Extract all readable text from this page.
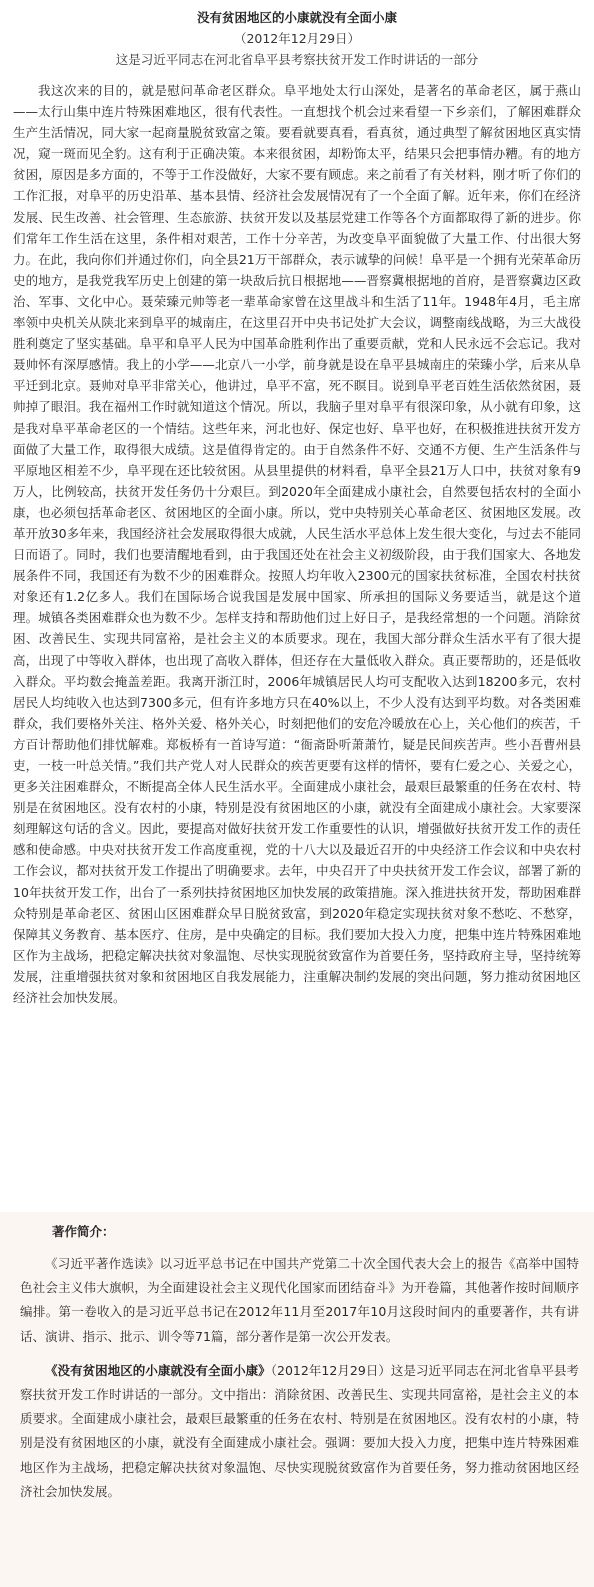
没有贫困地区的小康就没有全面小康

（2012年12月29日）

这是习近平同志在河北省阜平县考察扶贫开发工作时讲话的一部分

我这次来的目的，就是慰问革命老区群众。阜平地处太行山深处，是著名的革命老区，属于燕山——太行山集中连片特殊困难地区，很有代表性。一直想找个机会过来看望一下乡亲们，了解困难群众生产生活情况，同大家一起商量脱贫致富之策。要看就要真看，看真贫，通过典型了解贫困地区真实情况，窥一斑而见全豹。这有利于正确决策。本来很贫困，却粉饰太平，结果只会把事情办糟。有的地方贫困，原因是多方面的，不等于工作没做好，大家不要有顾虑。来之前看了有关材料，刚才听了你们的工作汇报，对阜平的历史沿革、基本县情、经济社会发展情况有了一个全面了解。近年来，你们在经济发展、民生改善、社会管理、生态旅游、扶贫开发以及基层党建工作等各个方面都取得了新的进步。你们常年工作生活在这里，条件相对艰苦，工作十分辛苦，为改变阜平面貌做了大量工作、付出很大努力。在此，我向你们并通过你们，向全县21万干部群众，表示诚挚的问候！阜平是一个拥有光荣革命历史的地方，是我党我军历史上创建的第一块敌后抗日根据地——晋察冀根据地的首府，是晋察冀边区政治、军事、文化中心。聂荣臻元帅等老一辈革命家曾在这里战斗和生活了11年。1948年4月，毛主席率领中央机关从陕北来到阜平的城南庄，在这里召开中央书记处扩大会议，调整南线战略，为三大战役胜利奠定了坚实基础。阜平和阜平人民为中国革命胜利作出了重要贡献，党和人民永远不会忘记。我对聂帅怀有深厚感情。我上的小学——北京八一小学，前身就是设在阜平县城南庄的荣臻小学，后来从阜平迁到北京。聂帅对阜平非常关心，他讲过，阜平不富，死不瞑目。说到阜平老百姓生活依然贫困，聂帅掉了眼泪。我在福州工作时就知道这个情况。所以，我脑子里对阜平有很深印象，从小就有印象，这是我对阜平革命老区的一个情结。这些年来，河北也好、保定也好、阜平也好，在积极推进扶贫开发方面做了大量工作，取得很大成绩。这是值得肯定的。由于自然条件不好、交通不方便、生产生活条件与平原地区相差不少，阜平现在还比较贫困。从县里提供的材料看，阜平全县21万人口中，扶贫对象有9万人，比例较高，扶贫开发任务仍十分艰巨。到2020年全面建成小康社会，自然要包括农村的全面小康，也必须包括革命老区、贫困地区的全面小康。所以，党中央特别关心革命老区、贫困地区发展。改革开放30多年来，我国经济社会发展取得很大成就，人民生活水平总体上发生很大变化，与过去不能同日而语了。同时，我们也要清醒地看到，由于我国还处在社会主义初级阶段，由于我们国家大、各地发展条件不同，我国还有为数不少的困难群众。按照人均年收入2300元的国家扶贫标准，全国农村扶贫对象还有1.2亿多人。我们在国际场合说我国是发展中国家、所承担的国际义务要适当，就是这个道理。城镇各类困难群众也为数不少。怎样支持和帮助他们过上好日子，是我经常想的一个问题。消除贫困、改善民生、实现共同富裕，是社会主义的本质要求。现在，我国大部分群众生活水平有了很大提高，出现了中等收入群体，也出现了高收入群体，但还存在大量低收入群众。真正要帮助的，还是低收入群众。平均数会掩盖差距。我离开浙江时，2006年城镇居民人均可支配收入达到18200多元，农村居民人均纯收入也达到7300多元，但有许多地方只在40%以上，不少人没有达到平均数。对各类困难群众，我们要格外关注、格外关爱、格外关心，时刻把他们的安危冷暖放在心上，关心他们的疾苦，千方百计帮助他们排忧解难。郑板桥有一首诗写道：“衙斋卧听萧萧竹，疑是民间疾苦声。些小吾曹州县吏，一枝一叶总关情。”我们共产党人对人民群众的疾苦更要有这样的情怀，要有仁爱之心、关爱之心，更多关注困难群众，不断提高全体人民生活水平。全面建成小康社会，最艰巨最繁重的任务在农村、特别是在贫困地区。没有农村的小康，特别是没有贫困地区的小康，就没有全面建成小康社会。大家要深刻理解这句话的含义。因此，要提高对做好扶贫开发工作重要性的认识，增强做好扶贫开发工作的责任感和使命感。中央对扶贫开发工作高度重视，党的十八大以及最近召开的中央经济工作会议和中央农村工作会议，都对扶贫开发工作提出了明确要求。去年，中央召开了中央扶贫开发工作会议，部署了新的10年扶贫开发工作，出台了一系列扶持贫困地区加快发展的政策措施。深入推进扶贫开发，帮助困难群众特别是革命老区、贫困山区困难群众早日脱贫致富，到2020年稳定实现扶贫对象不愁吃、不愁穿，保障其义务教育、基本医疗、住房，是中央确定的目标。我们要加大投入力度，把集中连片特殊困难地区作为主战场，把稳定解决扶贫对象温饱、尽快实现脱贫致富作为首要任务，坚持政府主导，坚持统筹发展，注重增强扶贫对象和贫困地区自我发展能力，注重解决制约发展的突出问题，努力推动贫困地区经济社会加快发展。

著作简介：

《习近平著作选读》以习近平总书记在中国共产党第二十次全国代表大会上的报告《高举中国特色社会主义伟大旗帜，为全面建设社会主义现代化国家而团结奋斗》为开卷篇，其他著作按时间顺序编排。第一卷收入的是习近平总书记在2012年11月至2017年10月这段时间内的重要著作，共有讲话、演讲、指示、批示、训令等71篇，部分著作是第一次公开发表。

《没有贫困地区的小康就没有全面小康》（2012年12月29日）这是习近平同志在河北省阜平县考察扶贫开发工作时讲话的一部分。文中指出：消除贫困、改善民生、实现共同富裕，是社会主义的本质要求。全面建成小康社会，最艰巨最繁重的任务在农村、特别是在贫困地区。没有农村的小康，特别是没有贫困地区的小康，就没有全面建成小康社会。强调：要加大投入力度，把集中连片特殊困难地区作为主战场，把稳定解决扶贫对象温饱、尽快实现脱贫致富作为首要任务，努力推动贫困地区经济社会加快发展。
